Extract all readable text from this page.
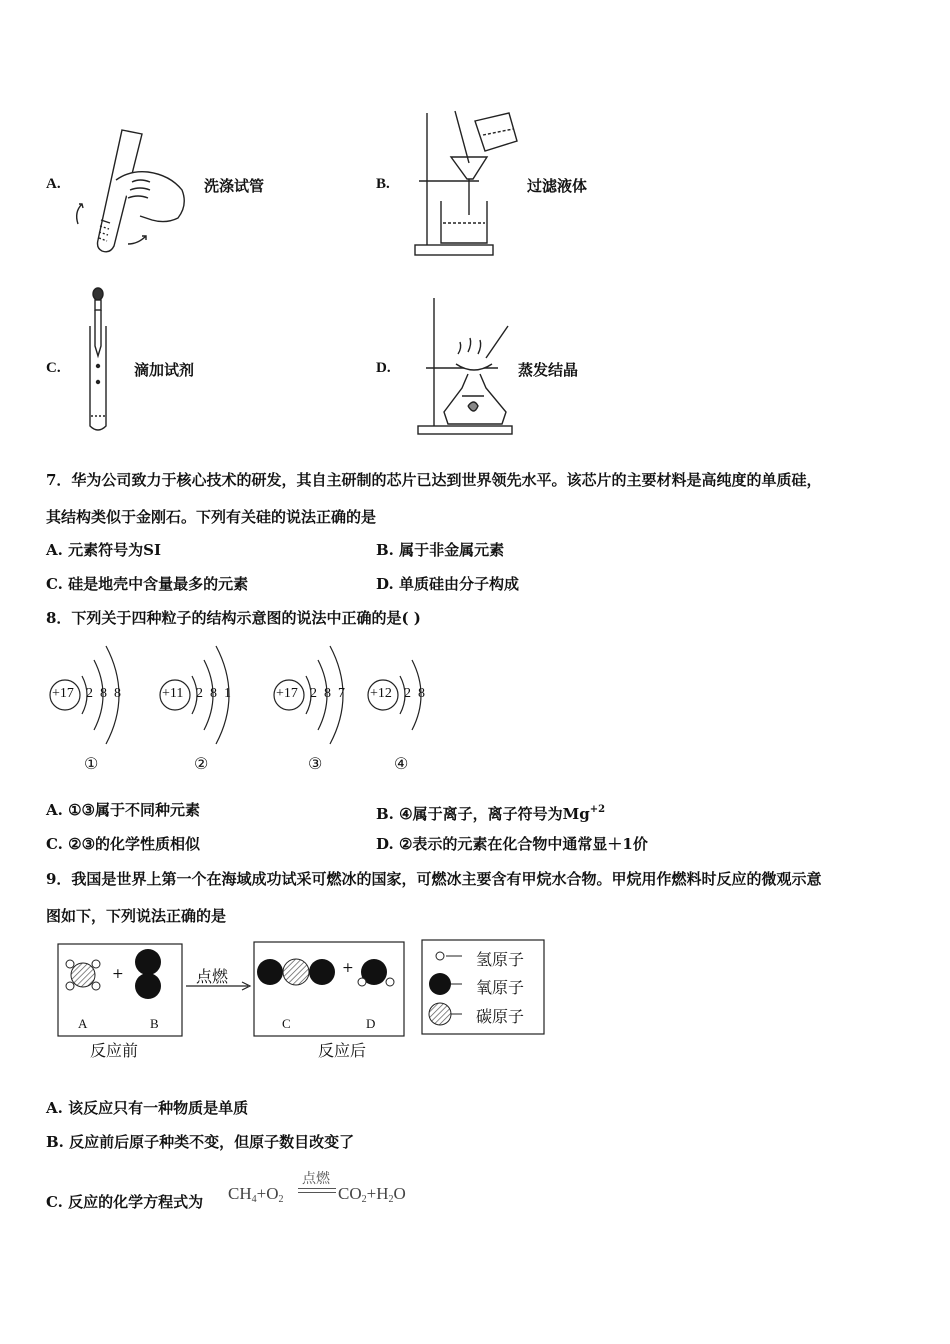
A.	洗涤试管	B.	过滤液体
C.	滴加试剂	D.	蒸发结晶
7．华为公司致力于核心技术的研发，其自主研制的芯片已达到世界领先水平。该芯片的主要材料是高纯度的单质硅，
其结构类似于金刚石。下列有关硅的说法正确的是
A. 元素符号为SI	B. 属于非金属元素
C. 硅是地壳中含量最多的元素	D. 单质硅由分子构成
8．下列关于四种粒子的结构示意图的说法中正确的是( )
+17 2  8  8
①
+11 2  8  1
②
+17 2  8  7
③
+12 2  8
④
A. ①③属于不同种元素	B. ④属于离子，离子符号为$Mg^{+2}$
C. ②③的化学性质相似	D. ②表示的元素在化合物中通常显＋1价
9．我国是世界上第一个在海域成功试采可燃冰的国家，可燃冰主要含有甲烷水合物。甲烷用作燃料时反应的微观示意
图如下，下列说法正确的是
+	+
点燃
A	B	C	D
反应前	反应后
氢原子
氧原子
碳原子
A. 该反应只有一种物质是单质
B. 反应前后原子种类不变，但原子数目改变了
C. 反应的化学方程式为 $CH_4+O_2$
点燃
$CO_2+H_2O$
